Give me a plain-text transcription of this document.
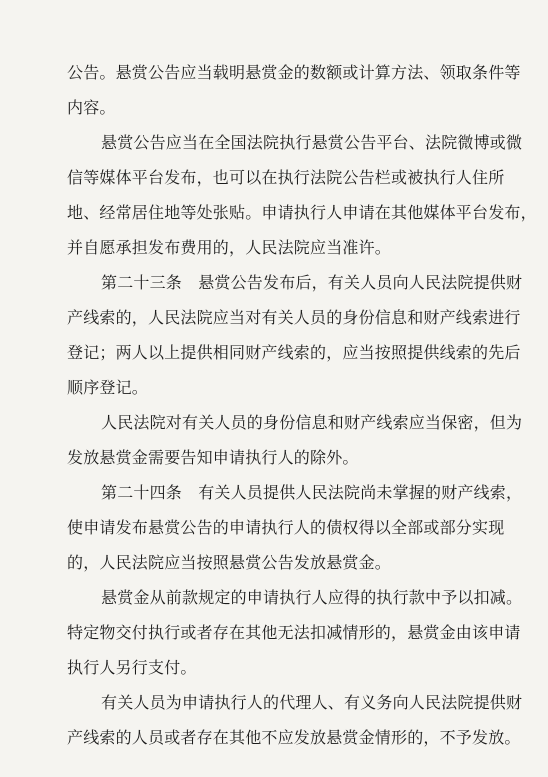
公告。悬赏公告应当载明悬赏金的数额或计算方法、领取条件等
内容。
悬赏公告应当在全国法院执行悬赏公告平台、法院微博或微
信等媒体平台发布，也可以在执行法院公告栏或被执行人住所
地、经常居住地等处张贴。申请执行人申请在其他媒体平台发布，
并自愿承担发布费用的，人民法院应当准许。
第二十三条　悬赏公告发布后，有关人员向人民法院提供财
产线索的，人民法院应当对有关人员的身份信息和财产线索进行
登记；两人以上提供相同财产线索的，应当按照提供线索的先后
顺序登记。
人民法院对有关人员的身份信息和财产线索应当保密，但为
发放悬赏金需要告知申请执行人的除外。
第二十四条　有关人员提供人民法院尚未掌握的财产线索，
使申请发布悬赏公告的申请执行人的债权得以全部或部分实现
的，人民法院应当按照悬赏公告发放悬赏金。
悬赏金从前款规定的申请执行人应得的执行款中予以扣减。
特定物交付执行或者存在其他无法扣减情形的，悬赏金由该申请
执行人另行支付。
有关人员为申请执行人的代理人、有义务向人民法院提供财
产线索的人员或者存在其他不应发放悬赏金情形的，不予发放。
